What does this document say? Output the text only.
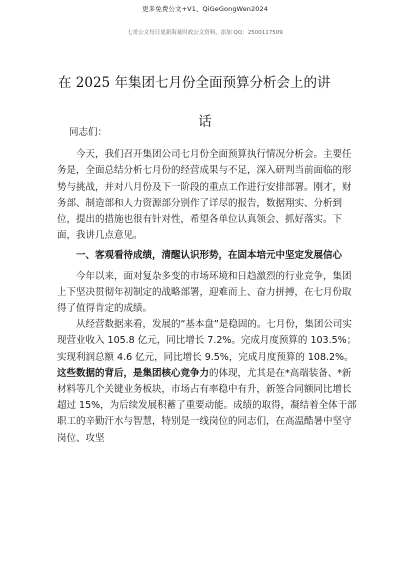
更多免费公文+V1、QiGeGongWen2024
七哥公文每日更新海量时政公文资料，添加 QQ：2500117509
在 2025 年集团七月份全面预算分析会上的讲
话

同志们：

今天，我们召开集团公司七月份全面预算执行情况分析会。主要任务是，全面总结分析七月份的经营成果与不足，深入研判当前面临的形势与挑战，并对八月份及下一阶段的重点工作进行安排部署。刚才，财务部、制造部和人力资源部分别作了详尽的报告，数据翔实、分析到位，提出的措施也很有针对性，希望各单位认真领会、抓好落实。下面，我讲几点意见。

一、客观看待成绩，清醒认识形势，在固本培元中坚定发展信心

今年以来，面对复杂多变的市场环境和日趋激烈的行业竞争，集团上下坚决贯彻年初制定的战略部署，迎难而上、奋力拼搏，在七月份取得了值得肯定的成绩。

从经营数据来看，发展的“基本盘”是稳固的。七月份，集团公司实现营业收入 105.8 亿元，同比增长 7.2%。完成月度预算的 103.5%；实现利润总额 4.6 亿元，同比增长 9.5%，完成月度预算的 108.2%。这些数据的背后，是集团核心竞争力的体现，尤其是在*高端装备、*新材料等几个关键业务板块，市场占有率稳中有升，新签合同额同比增长超过 15%，为后续发展积蓄了重要动能。成绩的取得，凝结着全体干部职工的辛勤汗水与智慧，特别是一线岗位的同志们，在高温酷暑中坚守岗位、攻坚
